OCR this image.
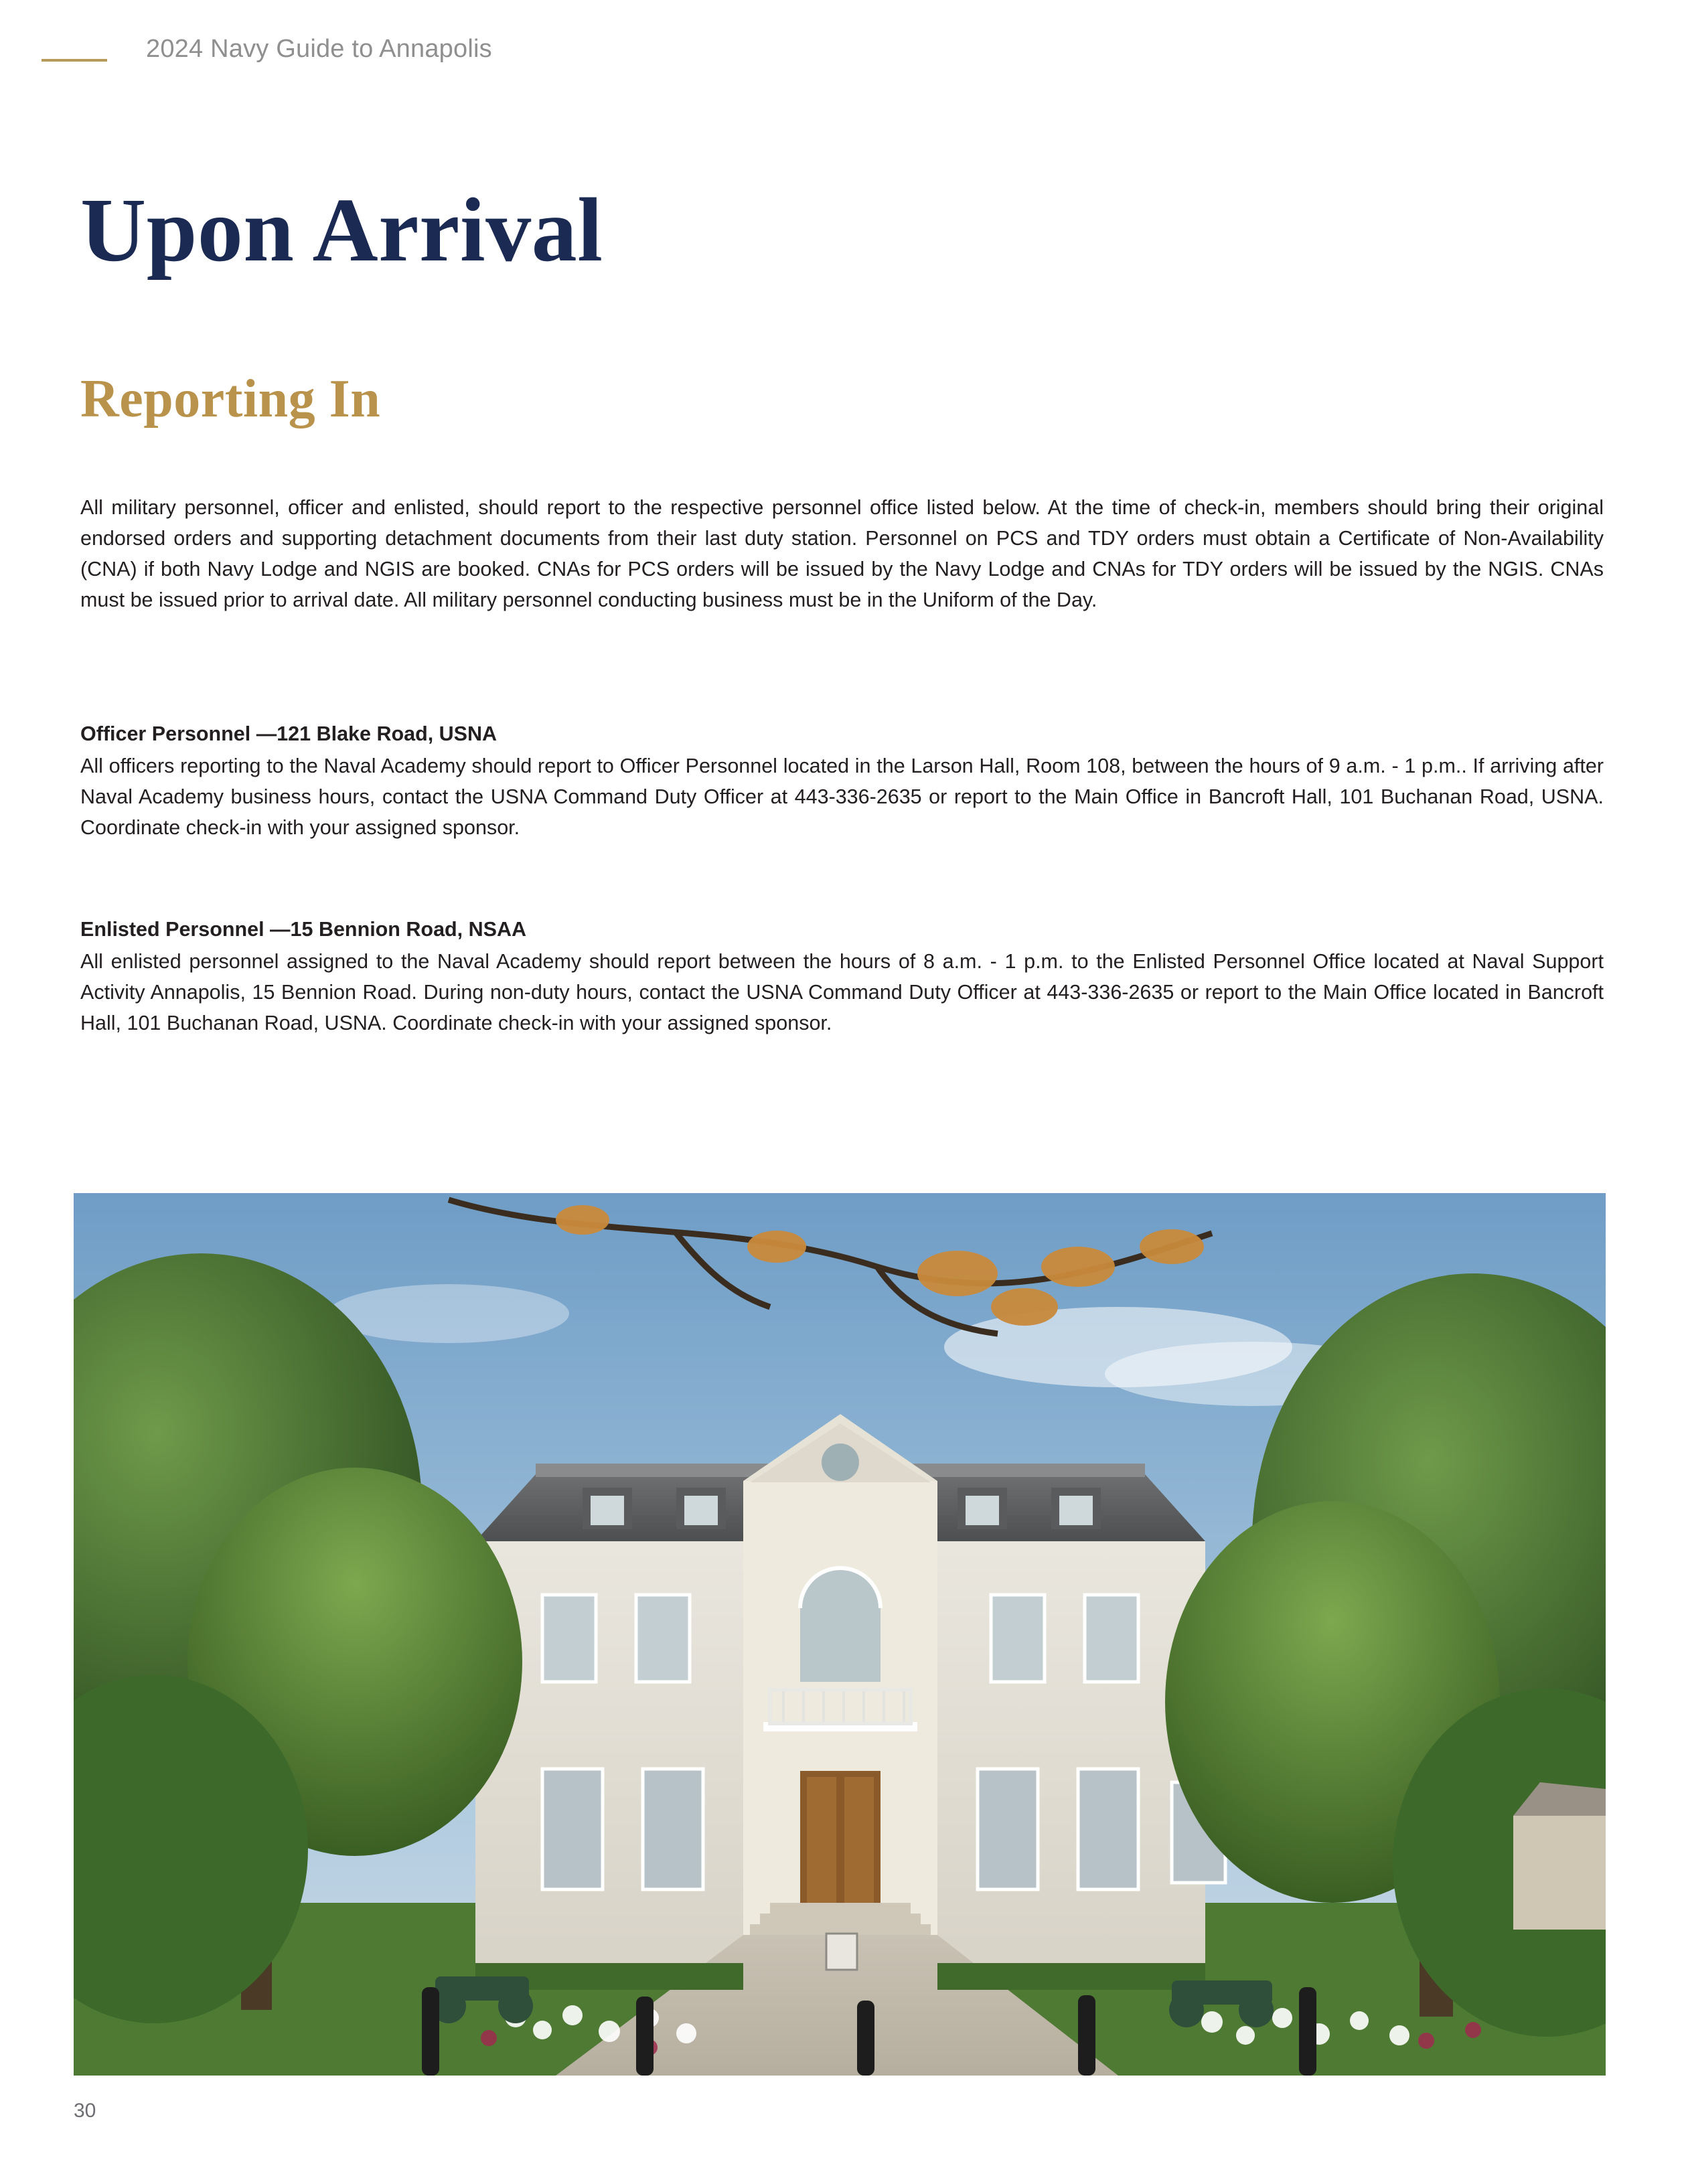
2024 Navy Guide to Annapolis
Upon Arrival
Reporting In
All military personnel, officer and enlisted, should report to the respective personnel office listed below. At the time of check-in, members should bring their original endorsed orders and supporting detachment documents from their last duty station. Personnel on PCS and TDY orders must obtain a Certificate of Non-Availability (CNA) if both Navy Lodge and NGIS are booked. CNAs for PCS orders will be issued by the Navy Lodge and CNAs for TDY orders will be issued by the NGIS. CNAs must be issued prior to arrival date. All military personnel conducting business must be in the Uniform of the Day.
Officer Personnel —121 Blake Road, USNA
All officers reporting to the Naval Academy should report to Officer Personnel located in the Larson Hall, Room 108, between the hours of 9 a.m. - 1 p.m.. If arriving after Naval Academy business hours, contact the USNA Command Duty Officer at 443-336-2635 or report to the Main Office in Bancroft Hall, 101 Buchanan Road, USNA. Coordinate check-in with your assigned sponsor.
Enlisted Personnel —15 Bennion Road, NSAA
All enlisted personnel assigned to the Naval Academy should report between the hours of 8 a.m. - 1 p.m. to the Enlisted Personnel Office located at Naval Support Activity Annapolis, 15 Bennion Road. During non-duty hours, contact the USNA Command Duty Officer at 443-336-2635 or report to the Main Office located in Bancroft Hall, 101 Buchanan Road, USNA. Coordinate check-in with your assigned sponsor.
30
